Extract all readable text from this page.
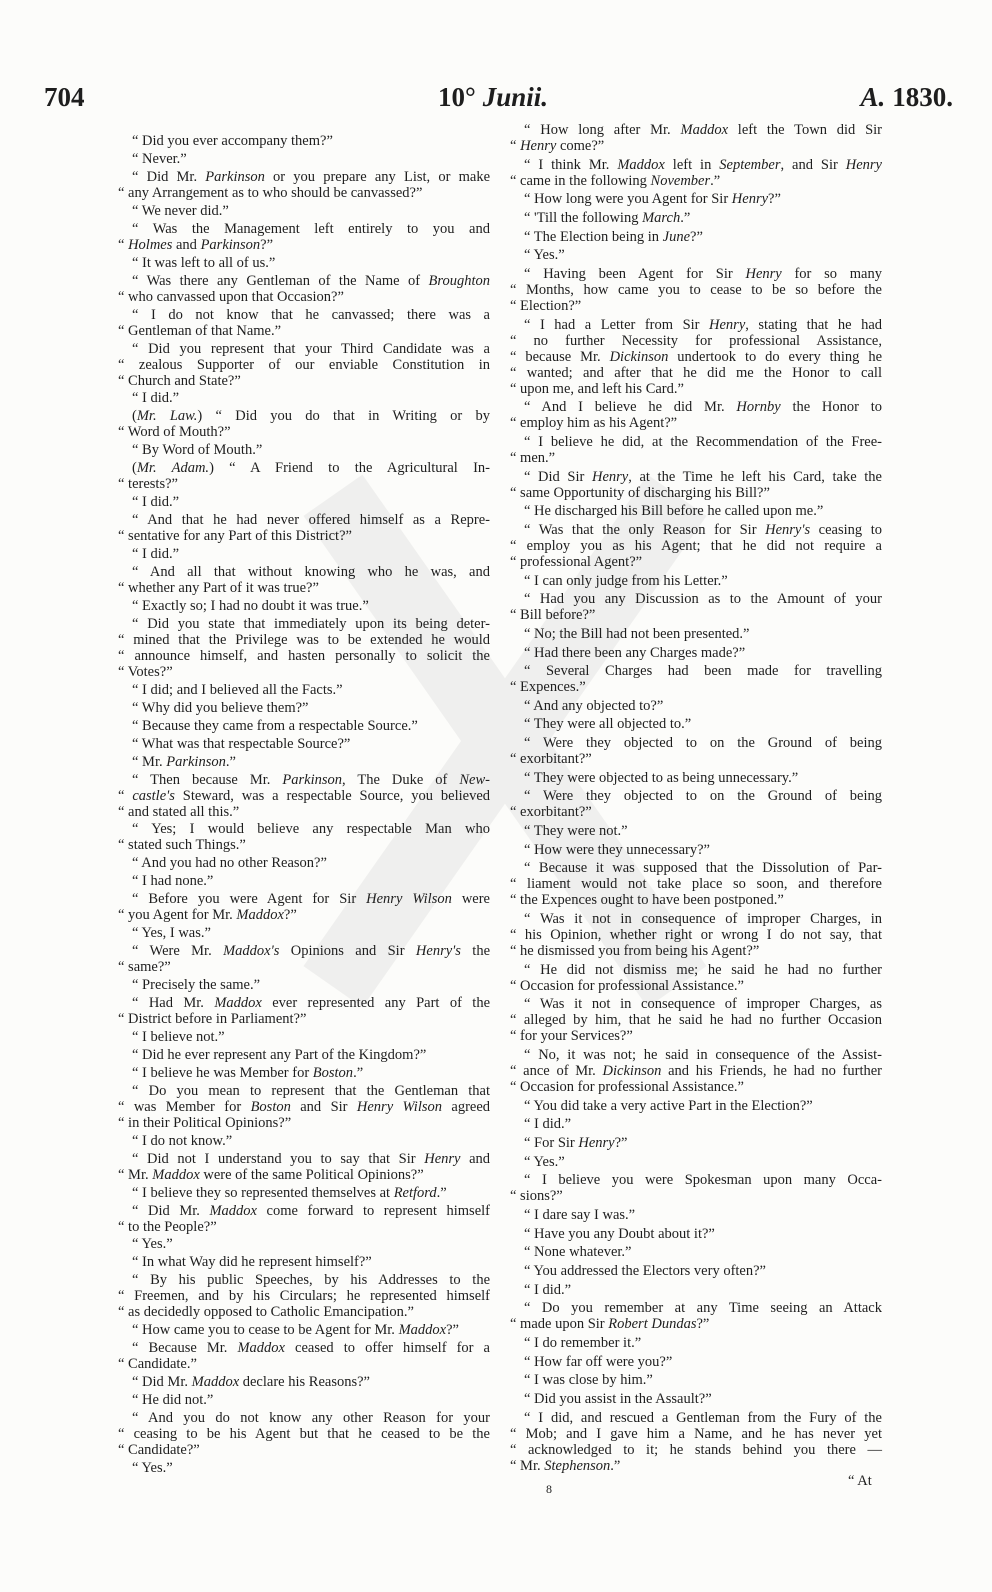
704	10° Junii.	A. 1830.
“ Did you ever accompany them?”
“ Never.”
“ Did Mr. Parkinson or you prepare any List, or make
“ any Arrangement as to who should be canvassed?”
“ We never did.”
“ Was the Management left entirely to you and
“ Holmes and Parkinson?”
“ It was left to all of us.”
“ Was there any Gentleman of the Name of Broughton
“ who canvassed upon that Occasion?”
“ I do not know that he canvassed; there was a
“ Gentleman of that Name.”
“ Did you represent that your Third Candidate was a
“ zealous Supporter of our enviable Constitution in
“ Church and State?”
“ I did.”
(Mr. Law.) “ Did you do that in Writing or by
“ Word of Mouth?”
“ By Word of Mouth.”
(Mr. Adam.) “ A Friend to the Agricultural In-
“ terests?”
“ I did.”
“ And that he had never offered himself as a Repre-
“ sentative for any Part of this District?”
“ I did.”
“ And all that without knowing who he was, and
“ whether any Part of it was true?”
“ Exactly so; I had no doubt it was true.”
“ Did you state that immediately upon its being deter-
“ mined that the Privilege was to be extended he would
“ announce himself, and hasten personally to solicit the
“ Votes?”
“ I did; and I believed all the Facts.”
“ Why did you believe them?”
“ Because they came from a respectable Source.”
“ What was that respectable Source?”
“ Mr. Parkinson.”
“ Then because Mr. Parkinson, The Duke of New-
“ castle's Steward, was a respectable Source, you believed
“ and stated all this.”
“ Yes; I would believe any respectable Man who
“ stated such Things.”
“ And you had no other Reason?”
“ I had none.”
“ Before you were Agent for Sir Henry Wilson were
“ you Agent for Mr. Maddox?”
“ Yes, I was.”
“ Were Mr. Maddox's Opinions and Sir Henry's the
“ same?”
“ Precisely the same.”
“ Had Mr. Maddox ever represented any Part of the
“ District before in Parliament?”
“ I believe not.”
“ Did he ever represent any Part of the Kingdom?”
“ I believe he was Member for Boston.”
“ Do you mean to represent that the Gentleman that
“ was Member for Boston and Sir Henry Wilson agreed
“ in their Political Opinions?”
“ I do not know.”
“ Did not I understand you to say that Sir Henry and
“ Mr. Maddox were of the same Political Opinions?”
“ I believe they so represented themselves at Retford.”
“ Did Mr. Maddox come forward to represent himself
“ to the People?”
“ Yes.”
“ In what Way did he represent himself?”
“ By his public Speeches, by his Addresses to the
“ Freemen, and by his Circulars; he represented himself
“ as decidedly opposed to Catholic Emancipation.”
“ How came you to cease to be Agent for Mr. Maddox?”
“ Because Mr. Maddox ceased to offer himself for a
“ Candidate.”
“ Did Mr. Maddox declare his Reasons?”
“ He did not.”
“ And you do not know any other Reason for your
“ ceasing to be his Agent but that he ceased to be the
“ Candidate?”
“ Yes.”
“ How long after Mr. Maddox left the Town did Sir
“ Henry come?”
“ I think Mr. Maddox left in September, and Sir Henry
“ came in the following November.”
“ How long were you Agent for Sir Henry?”
“ 'Till the following March.”
“ The Election being in June?”
“ Yes.”
“ Having been Agent for Sir Henry for so many
“ Months, how came you to cease to be so before the
“ Election?”
“ I had a Letter from Sir Henry, stating that he had
“ no further Necessity for professional Assistance,
“ because Mr. Dickinson undertook to do every thing he
“ wanted; and after that he did me the Honor to call
“ upon me, and left his Card.”
“ And I believe he did Mr. Hornby the Honor to
“ employ him as his Agent?”
“ I believe he did, at the Recommendation of the Free-
“ men.”
“ Did Sir Henry, at the Time he left his Card, take the
“ same Opportunity of discharging his Bill?”
“ He discharged his Bill before he called upon me.”
“ Was that the only Reason for Sir Henry's ceasing to
“ employ you as his Agent; that he did not require a
“ professional Agent?”
“ I can only judge from his Letter.”
“ Had you any Discussion as to the Amount of your
“ Bill before?”
“ No; the Bill had not been presented.”
“ Had there been any Charges made?”
“ Several Charges had been made for travelling
“ Expences.”
“ And any objected to?”
“ They were all objected to.”
“ Were they objected to on the Ground of being
“ exorbitant?”
“ They were objected to as being unnecessary.”
“ Were they objected to on the Ground of being
“ exorbitant?”
“ They were not.”
“ How were they unnecessary?”
“ Because it was supposed that the Dissolution of Par-
“ liament would not take place so soon, and therefore
“ the Expences ought to have been postponed.”
“ Was it not in consequence of improper Charges, in
“ his Opinion, whether right or wrong I do not say, that
“ he dismissed you from being his Agent?”
“ He did not dismiss me; he said he had no further
“ Occasion for professional Assistance.”
“ Was it not in consequence of improper Charges, as
“ alleged by him, that he said he had no further Occasion
“ for your Services?”
“ No, it was not; he said in consequence of the Assist-
“ ance of Mr. Dickinson and his Friends, he had no further
“ Occasion for professional Assistance.”
“ You did take a very active Part in the Election?”
“ I did.”
“ For Sir Henry?”
“ Yes.”
“ I believe you were Spokesman upon many Occa-
“ sions?”
“ I dare say I was.”
“ Have you any Doubt about it?”
“ None whatever.”
“ You addressed the Electors very often?”
“ I did.”
“ Do you remember at any Time seeing an Attack
“ made upon Sir Robert Dundas?”
“ I do remember it.”
“ How far off were you?”
“ I was close by him.”
“ Did you assist in the Assault?”
“ I did, and rescued a Gentleman from the Fury of the
“ Mob; and I gave him a Name, and he has never yet
“ acknowledged to it; he stands behind you there —
“ Mr. Stephenson.”
8	“ At
